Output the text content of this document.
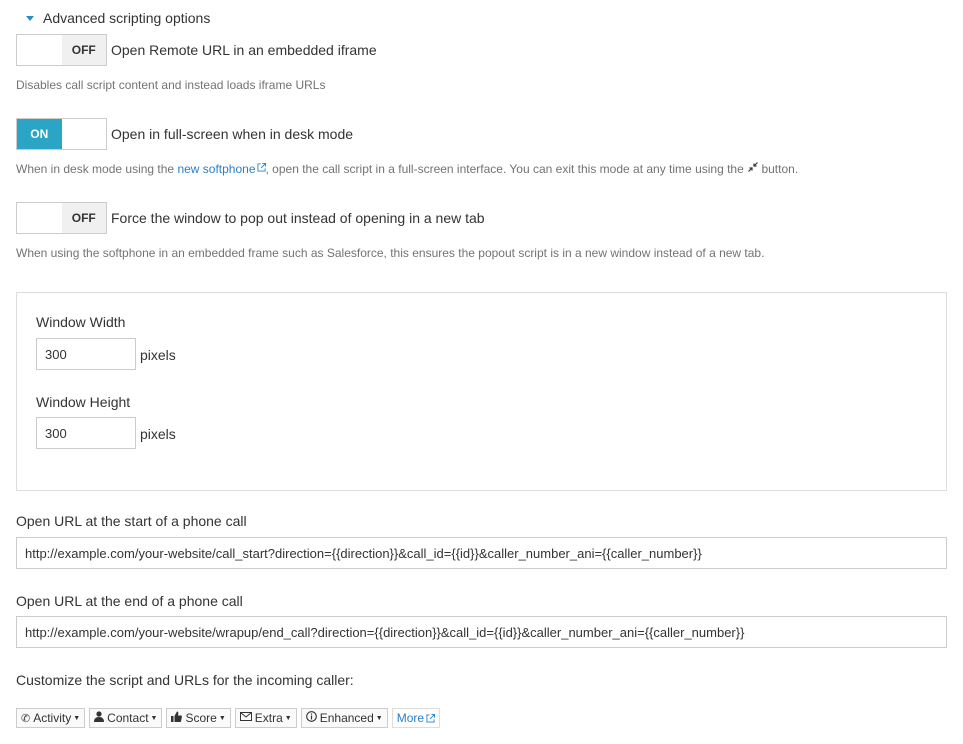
Advanced scripting options
OFF	Open Remote URL in an embedded iframe
Disables call script content and instead loads iframe URLs
ON	Open in full-screen when in desk mode
When in desk mode using the new softphone , open the call script in a full-screen interface. You can exit this mode at any time using the button.
OFF	Force the window to pop out instead of opening in a new tab
When using the softphone in an embedded frame such as Salesforce, this ensures the popout script is in a new window instead of a new tab.
Window Width
300
pixels
Window Height
300
pixels
Open URL at the start of a phone call
http://example.com/your-website/call_start?direction={{direction}}&call_id={{id}}&caller_number_ani={{caller_number}}
Open URL at the end of a phone call
http://example.com/your-website/wrapup/end_call?direction={{direction}}&call_id={{id}}&caller_number_ani={{caller_number}}
Customize the script and URLs for the incoming caller:
✆ Activity ▼ Contact ▼ Score ▼ Extra ▼ Enhanced ▼ More
